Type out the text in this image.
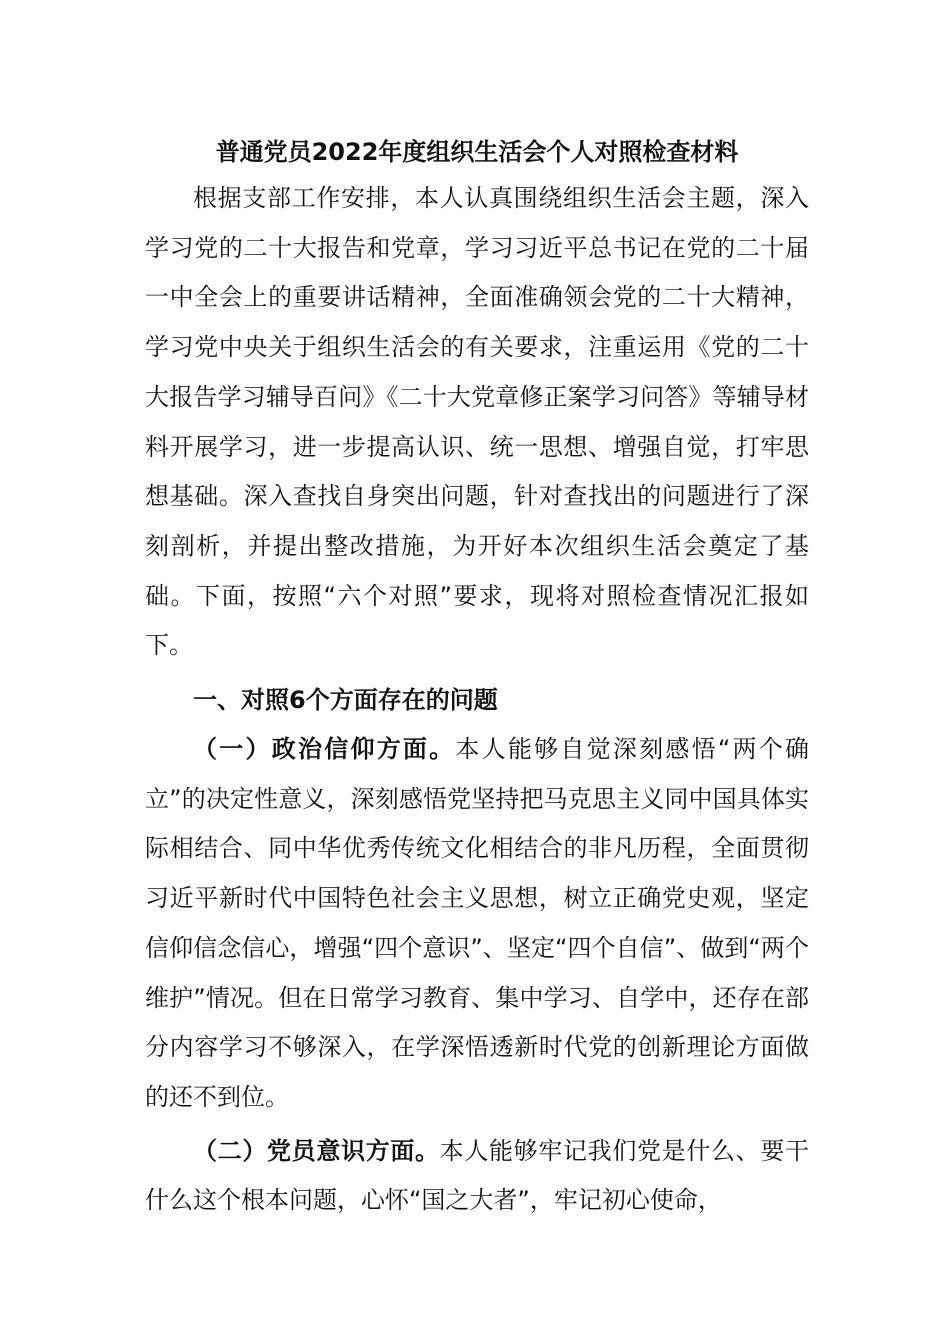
普通党员2022年度组织生活会个人对照检查材料

根据支部工作安排，本人认真围绕组织生活会主题，深入学习党的二十大报告和党章，学习习近平总书记在党的二十届一中全会上的重要讲话精神，全面准确领会党的二十大精神，学习党中央关于组织生活会的有关要求，注重运用《党的二十大报告学习辅导百问》《二十大党章修正案学习问答》等辅导材料开展学习，进一步提高认识、统一思想、增强自觉，打牢思想基础。深入查找自身突出问题，针对查找出的问题进行了深刻剖析，并提出整改措施，为开好本次组织生活会奠定了基础。下面，按照“六个对照”要求，现将对照检查情况汇报如下。

一、对照6个方面存在的问题

（一）政治信仰方面。本人能够自觉深刻感悟“两个确立”的决定性意义，深刻感悟党坚持把马克思主义同中国具体实际相结合、同中华优秀传统文化相结合的非凡历程，全面贯彻习近平新时代中国特色社会主义思想，树立正确党史观，坚定信仰信念信心，增强“四个意识”、坚定“四个自信”、做到“两个维护”情况。但在日常学习教育、集中学习、自学中，还存在部分内容学习不够深入，在学深悟透新时代党的创新理论方面做的还不到位。

（二）党员意识方面。本人能够牢记我们党是什么、要干什么这个根本问题，心怀“国之大者”，牢记初心使命，
